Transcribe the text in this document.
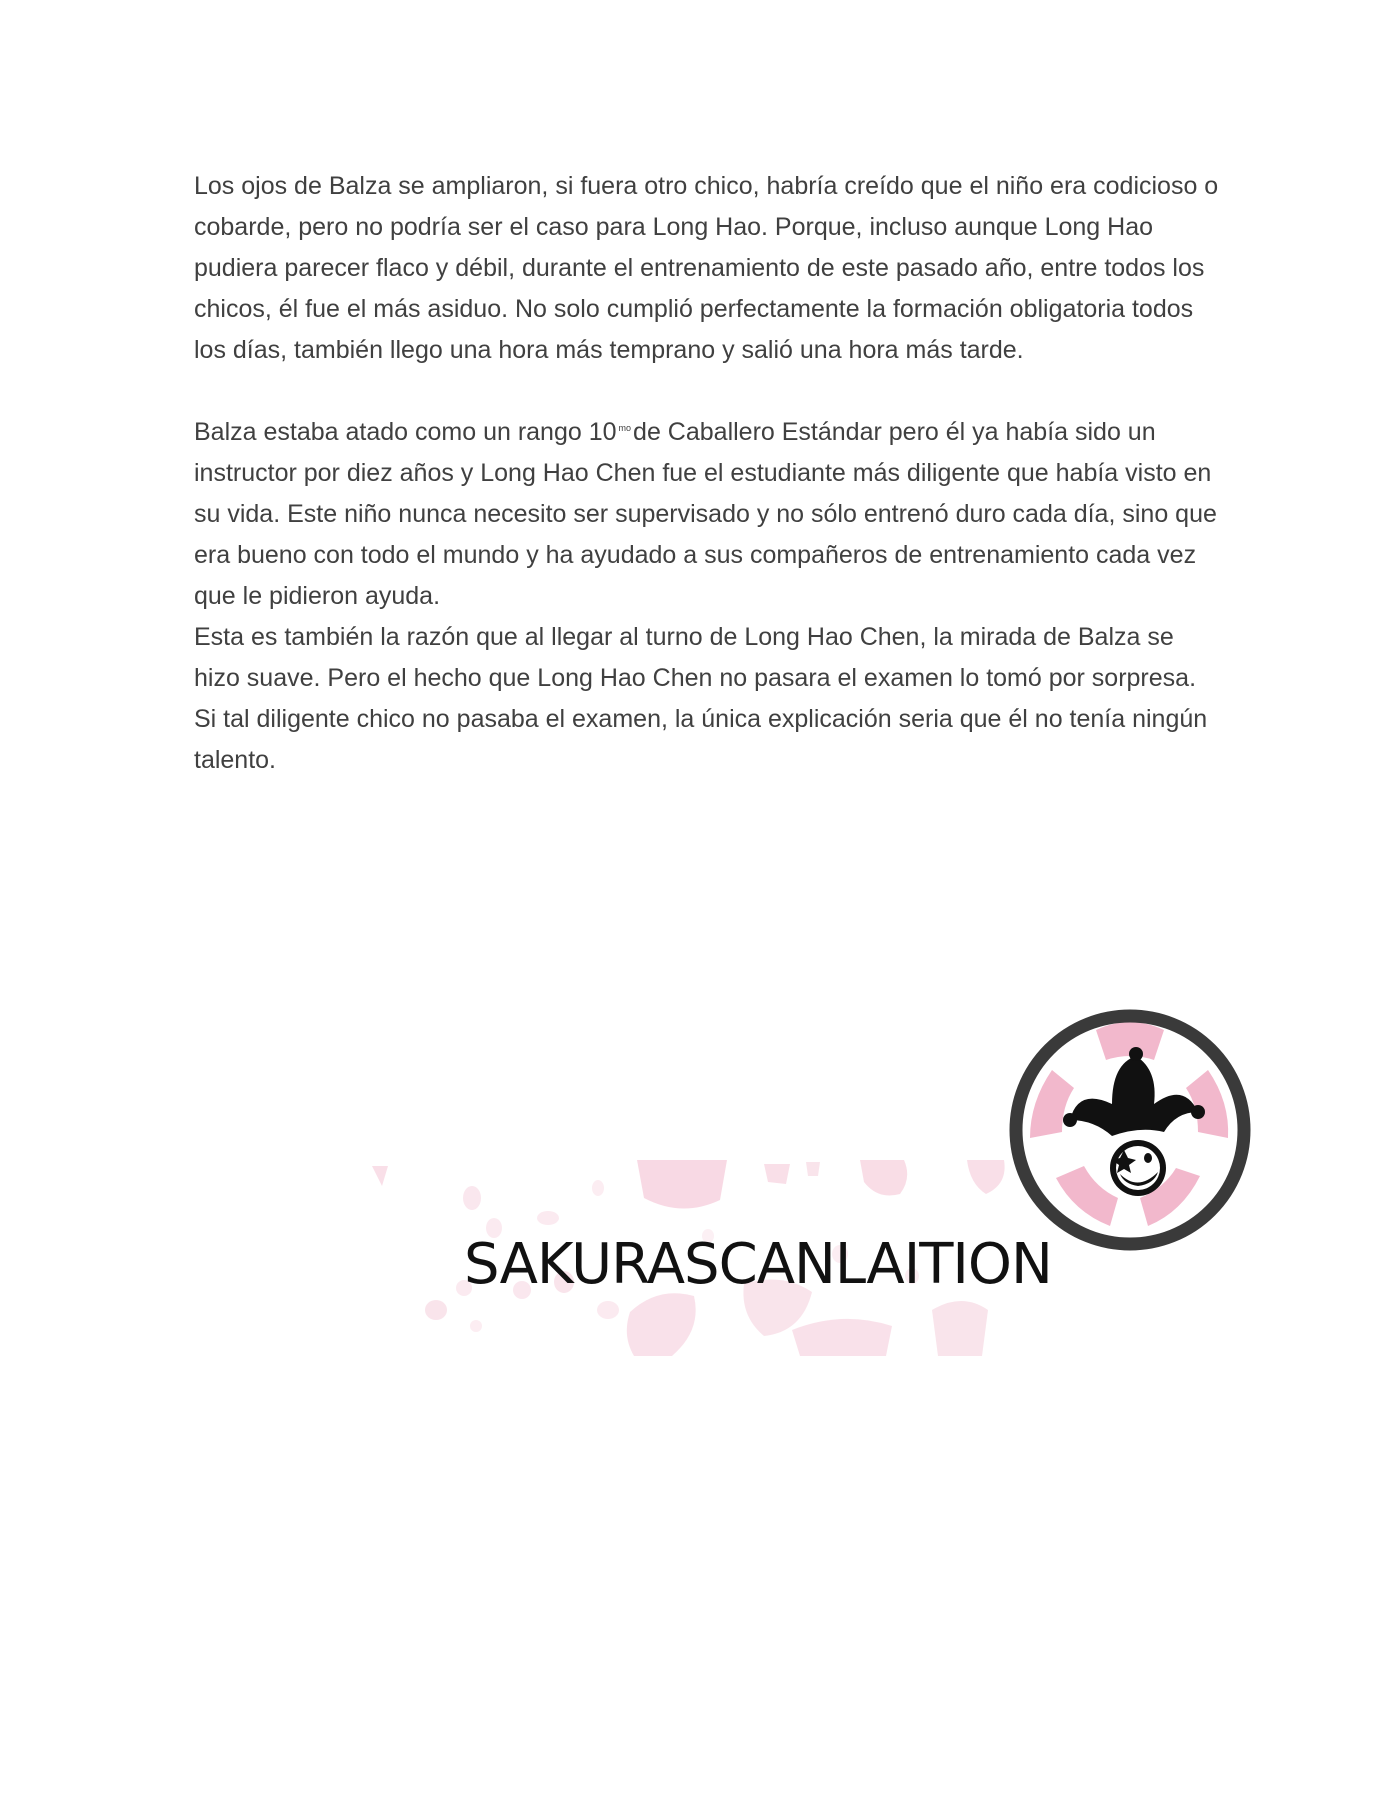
Los ojos de Balza se ampliaron, si fuera otro chico, habría creído que el niño era codicioso o cobarde, pero no podría ser el caso para Long Hao. Porque, incluso aunque Long Hao pudiera parecer flaco y débil, durante el entrenamiento de este pasado año, entre todos los chicos, él fue el más asiduo. No solo cumplió perfectamente la formación obligatoria todos los días, también llego una hora más temprano y salió una hora más tarde.

Balza estaba atado como un rango 10 $^{mo}$de Caballero Estándar pero él ya había sido un instructor por diez años y Long Hao Chen fue el estudiante más diligente que había visto en su vida. Este niño nunca necesito ser supervisado y no sólo entrenó duro cada día, sino que era bueno con todo el mundo y ha ayudado a sus compañeros de entrenamiento cada vez que le pidieron ayuda.

Esta es también la razón que al llegar al turno de Long Hao Chen, la mirada de Balza se hizo suave. Pero el hecho que Long Hao Chen no pasara el examen lo tomó por sorpresa. Si tal diligente chico no pasaba el examen, la única explicación seria que él no tenía ningún talento.

SAKURASCANLAITION
